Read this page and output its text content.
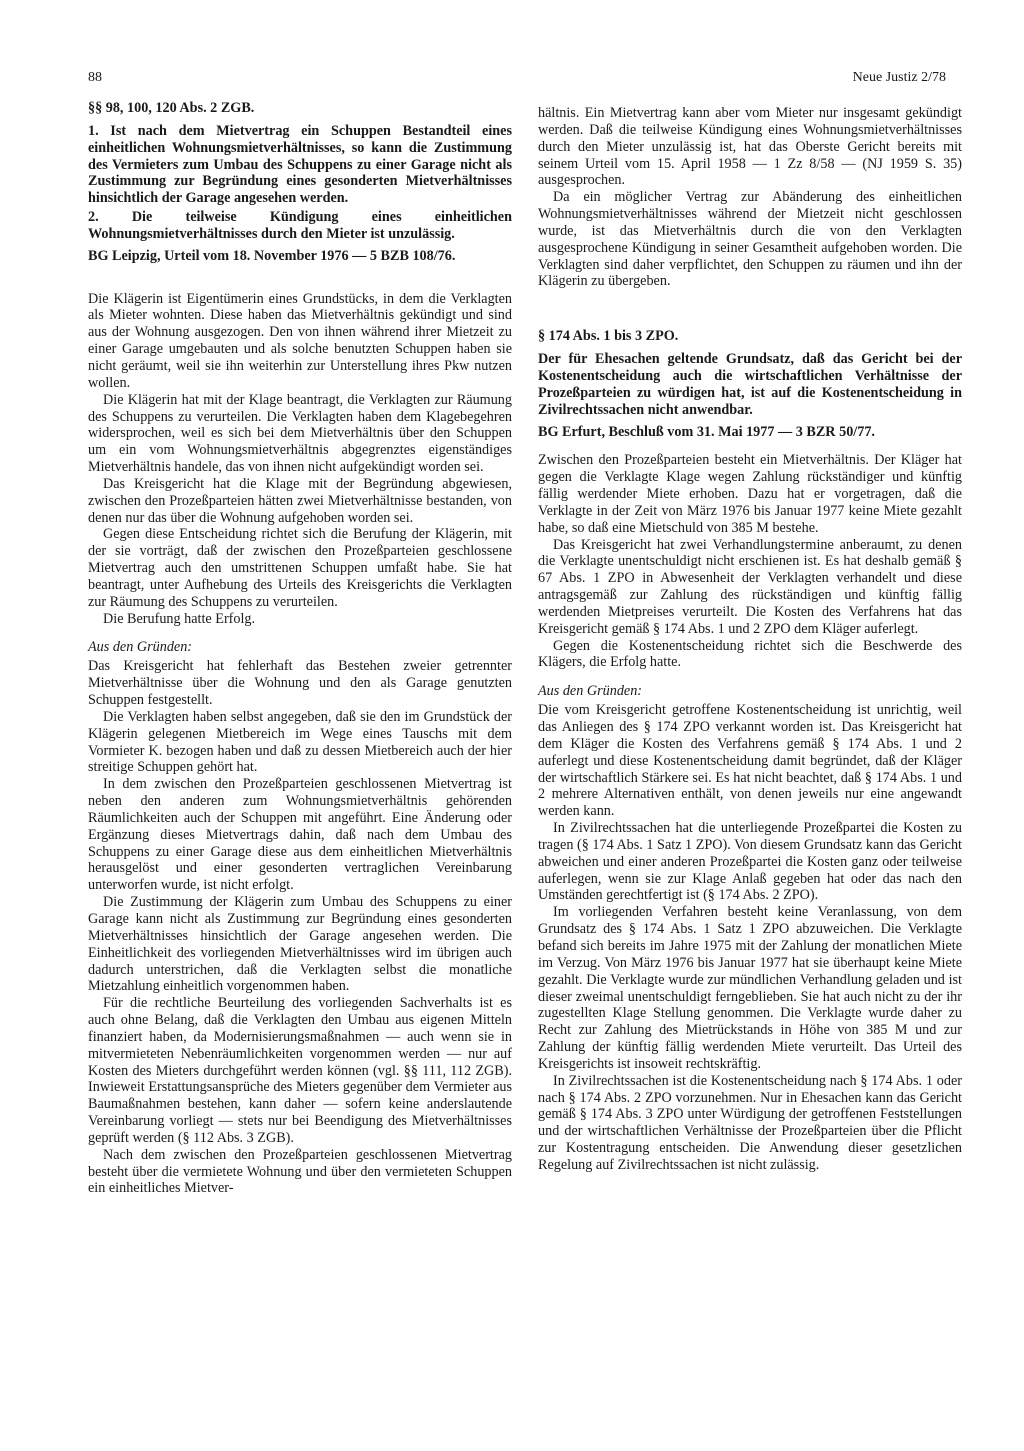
88	Neue Justiz 2/78

§§ 98, 100, 120 Abs. 2 ZGB.

1. Ist nach dem Mietvertrag ein Schuppen Bestandteil eines einheitlichen Wohnungsmietverhältnisses, so kann die Zustimmung des Vermieters zum Umbau des Schuppens zu einer Garage nicht als Zustimmung zur Begründung eines gesonderten Mietverhältnisses hinsichtlich der Garage angesehen werden.

2. Die teilweise Kündigung eines einheitlichen Wohnungsmietverhältnisses durch den Mieter ist unzulässig.

BG Leipzig, Urteil vom 18. November 1976 — 5 BZB 108/76.

Die Klägerin ist Eigentümerin eines Grundstücks, in dem die Verklagten als Mieter wohnten. Diese haben das Mietverhältnis gekündigt und sind aus der Wohnung ausgezogen. Den von ihnen während ihrer Mietzeit zu einer Garage umgebauten und als solche benutzten Schuppen haben sie nicht geräumt, weil sie ihn weiterhin zur Unterstellung ihres Pkw nutzen wollen.

Die Klägerin hat mit der Klage beantragt, die Verklagten zur Räumung des Schuppens zu verurteilen. Die Verklagten haben dem Klagebegehren widersprochen, weil es sich bei dem Mietverhältnis über den Schuppen um ein vom Wohnungsmietverhältnis abgegrenztes eigenständiges Mietverhältnis handele, das von ihnen nicht aufgekündigt worden sei.

Das Kreisgericht hat die Klage mit der Begründung abgewiesen, zwischen den Prozeßparteien hätten zwei Mietverhältnisse bestanden, von denen nur das über die Wohnung aufgehoben worden sei.

Gegen diese Entscheidung richtet sich die Berufung der Klägerin, mit der sie vorträgt, daß der zwischen den Prozeßparteien geschlossene Mietvertrag auch den umstrittenen Schuppen umfaßt habe. Sie hat beantragt, unter Aufhebung des Urteils des Kreisgerichts die Verklagten zur Räumung des Schuppens zu verurteilen.

Die Berufung hatte Erfolg.

Aus den Gründen:

Das Kreisgericht hat fehlerhaft das Bestehen zweier getrennter Mietverhältnisse über die Wohnung und den als Garage genutzten Schuppen festgestellt.

Die Verklagten haben selbst angegeben, daß sie den im Grundstück der Klägerin gelegenen Mietbereich im Wege eines Tauschs mit dem Vormieter K. bezogen haben und daß zu dessen Mietbereich auch der hier streitige Schuppen gehört hat.

In dem zwischen den Prozeßparteien geschlossenen Mietvertrag ist neben den anderen zum Wohnungsmietverhältnis gehörenden Räumlichkeiten auch der Schuppen mit angeführt. Eine Änderung oder Ergänzung dieses Mietvertrags dahin, daß nach dem Umbau des Schuppens zu einer Garage diese aus dem einheitlichen Mietverhältnis herausgelöst und einer gesonderten vertraglichen Vereinbarung unterworfen wurde, ist nicht erfolgt.

Die Zustimmung der Klägerin zum Umbau des Schuppens zu einer Garage kann nicht als Zustimmung zur Begründung eines gesonderten Mietverhältnisses hinsichtlich der Garage angesehen werden. Die Einheitlichkeit des vorliegenden Mietverhältnisses wird im übrigen auch dadurch unterstrichen, daß die Verklagten selbst die monatliche Mietzahlung einheitlich vorgenommen haben.

Für die rechtliche Beurteilung des vorliegenden Sachverhalts ist es auch ohne Belang, daß die Verklagten den Umbau aus eigenen Mitteln finanziert haben, da Modernisierungsmaßnahmen — auch wenn sie in mitvermieteten Nebenräumlichkeiten vorgenommen werden — nur auf Kosten des Mieters durchgeführt werden können (vgl. §§ 111, 112 ZGB). Inwieweit Erstattungsansprüche des Mieters gegenüber dem Vermieter aus Baumaßnahmen bestehen, kann daher — sofern keine anderslautende Vereinbarung vorliegt — stets nur bei Beendigung des Mietverhältnisses geprüft werden (§ 112 Abs. 3 ZGB).

Nach dem zwischen den Prozeßparteien geschlossenen Mietvertrag besteht über die vermietete Wohnung und über den vermieteten Schuppen ein einheitliches Mietver-

hältnis. Ein Mietvertrag kann aber vom Mieter nur insgesamt gekündigt werden. Daß die teilweise Kündigung eines Wohnungsmietverhältnisses durch den Mieter unzulässig ist, hat das Oberste Gericht bereits mit seinem Urteil vom 15. April 1958 — 1 Zz 8/58 — (NJ 1959 S. 35) ausgesprochen.

Da ein möglicher Vertrag zur Abänderung des einheitlichen Wohnungsmietverhältnisses während der Mietzeit nicht geschlossen wurde, ist das Mietverhältnis durch die von den Verklagten ausgesprochene Kündigung in seiner Gesamtheit aufgehoben worden. Die Verklagten sind daher verpflichtet, den Schuppen zu räumen und ihn der Klägerin zu übergeben.

§ 174 Abs. 1 bis 3 ZPO.

Der für Ehesachen geltende Grundsatz, daß das Gericht bei der Kostenentscheidung auch die wirtschaftlichen Verhältnisse der Prozeßparteien zu würdigen hat, ist auf die Kostenentscheidung in Zivilrechtssachen nicht anwendbar.

BG Erfurt, Beschluß vom 31. Mai 1977 — 3 BZR 50/77.

Zwischen den Prozeßparteien besteht ein Mietverhältnis. Der Kläger hat gegen die Verklagte Klage wegen Zahlung rückständiger und künftig fällig werdender Miete erhoben. Dazu hat er vorgetragen, daß die Verklagte in der Zeit von März 1976 bis Januar 1977 keine Miete gezahlt habe, so daß eine Mietschuld von 385 M bestehe.

Das Kreisgericht hat zwei Verhandlungstermine anberaumt, zu denen die Verklagte unentschuldigt nicht erschienen ist. Es hat deshalb gemäß § 67 Abs. 1 ZPO in Abwesenheit der Verklagten verhandelt und diese antragsgemäß zur Zahlung des rückständigen und künftig fällig werdenden Mietpreises verurteilt. Die Kosten des Verfahrens hat das Kreisgericht gemäß § 174 Abs. 1 und 2 ZPO dem Kläger auferlegt.

Gegen die Kostenentscheidung richtet sich die Beschwerde des Klägers, die Erfolg hatte.

Aus den Gründen:

Die vom Kreisgericht getroffene Kostenentscheidung ist unrichtig, weil das Anliegen des § 174 ZPO verkannt worden ist. Das Kreisgericht hat dem Kläger die Kosten des Verfahrens gemäß § 174 Abs. 1 und 2 auferlegt und diese Kostenentscheidung damit begründet, daß der Kläger der wirtschaftlich Stärkere sei. Es hat nicht beachtet, daß § 174 Abs. 1 und 2 mehrere Alternativen enthält, von denen jeweils nur eine angewandt werden kann.

In Zivilrechtssachen hat die unterliegende Prozeßpartei die Kosten zu tragen (§ 174 Abs. 1 Satz 1 ZPO). Von diesem Grundsatz kann das Gericht abweichen und einer anderen Prozeßpartei die Kosten ganz oder teilweise auferlegen, wenn sie zur Klage Anlaß gegeben hat oder das nach den Umständen gerechtfertigt ist (§ 174 Abs. 2 ZPO).

Im vorliegenden Verfahren besteht keine Veranlassung, von dem Grundsatz des § 174 Abs. 1 Satz 1 ZPO abzuweichen. Die Verklagte befand sich bereits im Jahre 1975 mit der Zahlung der monatlichen Miete im Verzug. Von März 1976 bis Januar 1977 hat sie überhaupt keine Miete gezahlt. Die Verklagte wurde zur mündlichen Verhandlung geladen und ist dieser zweimal unentschuldigt ferngeblieben. Sie hat auch nicht zu der ihr zugestellten Klage Stellung genommen. Die Verklagte wurde daher zu Recht zur Zahlung des Mietrückstands in Höhe von 385 M und zur Zahlung der künftig fällig werdenden Miete verurteilt. Das Urteil des Kreisgerichts ist insoweit rechtskräftig.

In Zivilrechtssachen ist die Kostenentscheidung nach § 174 Abs. 1 oder nach § 174 Abs. 2 ZPO vorzunehmen. Nur in Ehesachen kann das Gericht gemäß § 174 Abs. 3 ZPO unter Würdigung der getroffenen Feststellungen und der wirtschaftlichen Verhältnisse der Prozeßparteien über die Pflicht zur Kostentragung entscheiden. Die Anwendung dieser gesetzlichen Regelung auf Zivilrechtssachen ist nicht zulässig.
